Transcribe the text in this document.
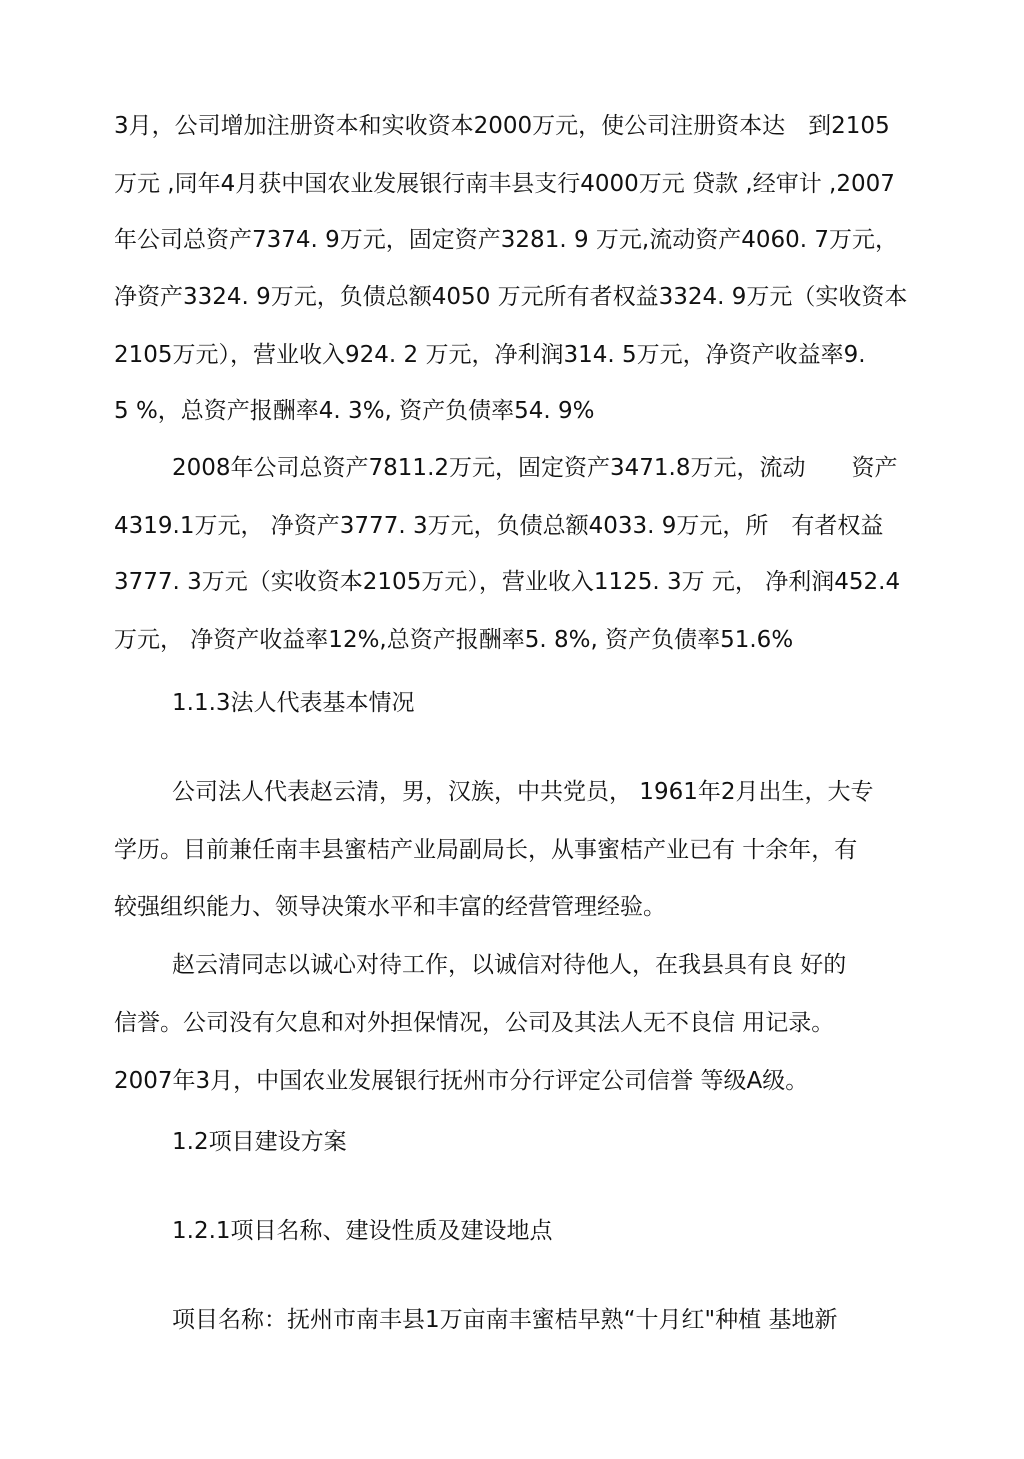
3月，公司增加注册资本和实收资本2000万元，使公司注册资本达　到2105
万元 ,同年4月获中国农业发展银行南丰县支行4000万元 贷款 ,经审计 ,2007
年公司总资产7374. 9万元，固定资产3281. 9 万元,流动资产4060. 7万元，
净资产3324. 9万元，负债总额4050 万元所有者权益3324. 9万元（实收资本
2105万元），营业收入924. 2 万元，净利润314. 5万元，净资产收益率9.
5 %，总资产报酬率4. 3%, 资产负债率54. 9%
2008年公司总资产7811.2万元，固定资产3471.8万元，流动　　资产
4319.1万元， 净资产3777. 3万元，负债总额4033. 9万元，所　有者权益
3777. 3万元（实收资本2105万元），营业收入1125. 3万 元， 净利润452.4
万元， 净资产收益率12%,总资产报酬率5. 8%, 资产负债率51.6%
1.1.3法人代表基本情况
公司法人代表赵云清，男，汉族，中共党员， 1961年2月出生，大专
学历。目前兼任南丰县蜜桔产业局副局长，从事蜜桔产业已有 十余年，有
较强组织能力、领导决策水平和丰富的经营管理经验。
赵云清同志以诚心对待工作，以诚信对待他人，在我县具有良 好的
信誉。公司没有欠息和对外担保情况，公司及其法人无不良信 用记录。
2007年3月，中国农业发展银行抚州市分行评定公司信誉 等级A级。
1.2项目建设方案
1.2.1项目名称、建设性质及建设地点
项目名称：抚州市南丰县1万亩南丰蜜桔早熟“十月红"种植 基地新
